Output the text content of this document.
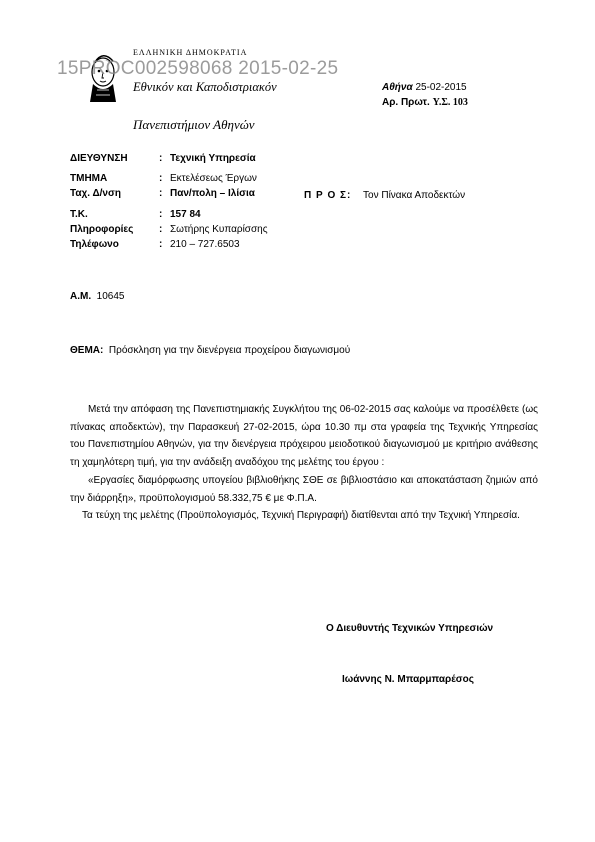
ΕΛΛΗΝΙΚΗ ΔΗΜΟΚΡΑΤΙΑ
Εθνικόν και Καποδιστριακόν
Πανεπιστήμιον Αθηνών
15PROC002598068 2015-02-25
Αθήνα 25-02-2015
Αρ. Πρωτ. Υ.Σ. 103
ΔΙΕΥΘΥΝΣΗ	: Τεχνική Υπηρεσία
ΤΜΗΜΑ	: Εκτελέσεως Έργων
Ταχ. Δ/νση	: Παν/πολη – Ιλίσια
Τ.Κ.	: 157 84
Πληροφορίες	: Σωτήρης Κυπαρίσσης
Τηλέφωνο	: 210 – 727.6503
Π Ρ Ο Σ: Τον Πίνακα Αποδεκτών
Α.Μ. 10645
ΘΕΜΑ: Πρόσκληση για την διενέργεια προχείρου διαγωνισμού

Μετά την απόφαση της Πανεπιστημιακής Συγκλήτου της 06-02-2015 σας καλούμε να προσέλθετε (ως πίνακας αποδεκτών), την Παρασκευή 27-02-2015, ώρα 10.30 πμ στα γραφεία της Τεχνικής Υπηρεσίας του Πανεπιστημίου Αθηνών, για την διενέργεια πρόχειρου μειοδοτικού διαγωνισμού με κριτήριο ανάθεσης τη χαμηλότερη τιμή, για την ανάδειξη αναδόχου της μελέτης του έργου :

«Εργασίες διαμόρφωσης υπογείου βιβλιοθήκης ΣΘΕ σε βιβλιοστάσιο και αποκατάσταση ζημιών από την διάρρηξη», προϋπολογισμού 58.332,75 € με Φ.Π.Α.

Τα τεύχη της μελέτης (Προϋπολογισμός, Τεχνική Περιγραφή) διατίθενται από την Τεχνική Υπηρεσία.

Ο Διευθυντής Τεχνικών Υπηρεσιών
Ιωάννης Ν. Μπαρμπαρέσος
